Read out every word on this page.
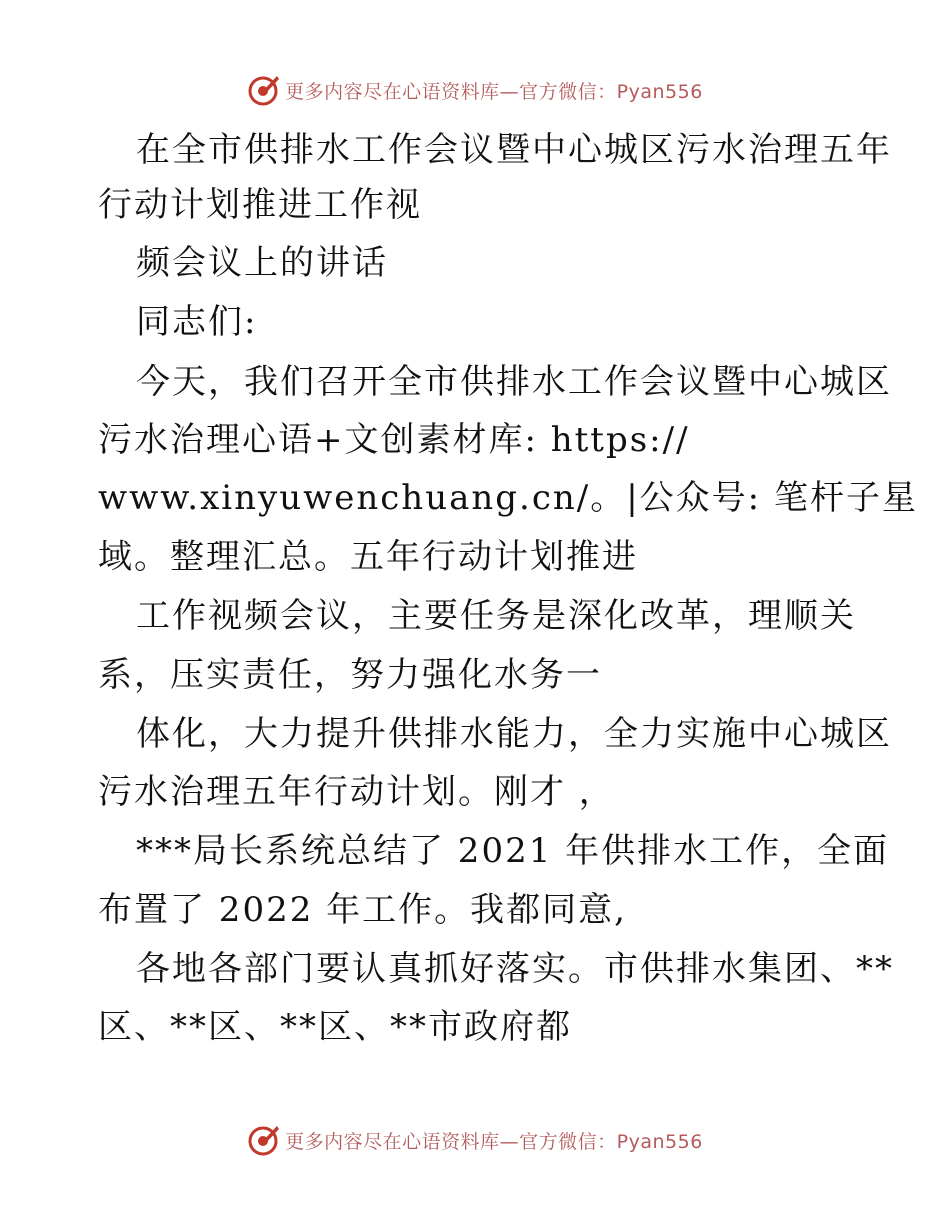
更多内容尽在心语资料库—官方微信：Pyan556
在全市供排水工作会议暨中心城区污水治理五年
行动计划推进工作视
频会议上的讲话
同志们:
今天，我们召开全市供排水工作会议暨中心城区
污水治理心语+文创素材库: https://
www.xinyuwenchuang.cn/。|公众号: 笔杆子星
域。整理汇总。五年行动计划推进
工作视频会议，主要任务是深化改革，理顺关
系，压实责任，努力强化水务一
体化，大力提升供排水能力，全力实施中心城区
污水治理五年行动计划。刚才 ，
***局长系统总结了 2021 年供排水工作，全面
布置了 2022 年工作。我都同意,
各地各部门要认真抓好落实。市供排水集团、**
区、**区、**区、**市政府都
更多内容尽在心语资料库—官方微信：Pyan556
